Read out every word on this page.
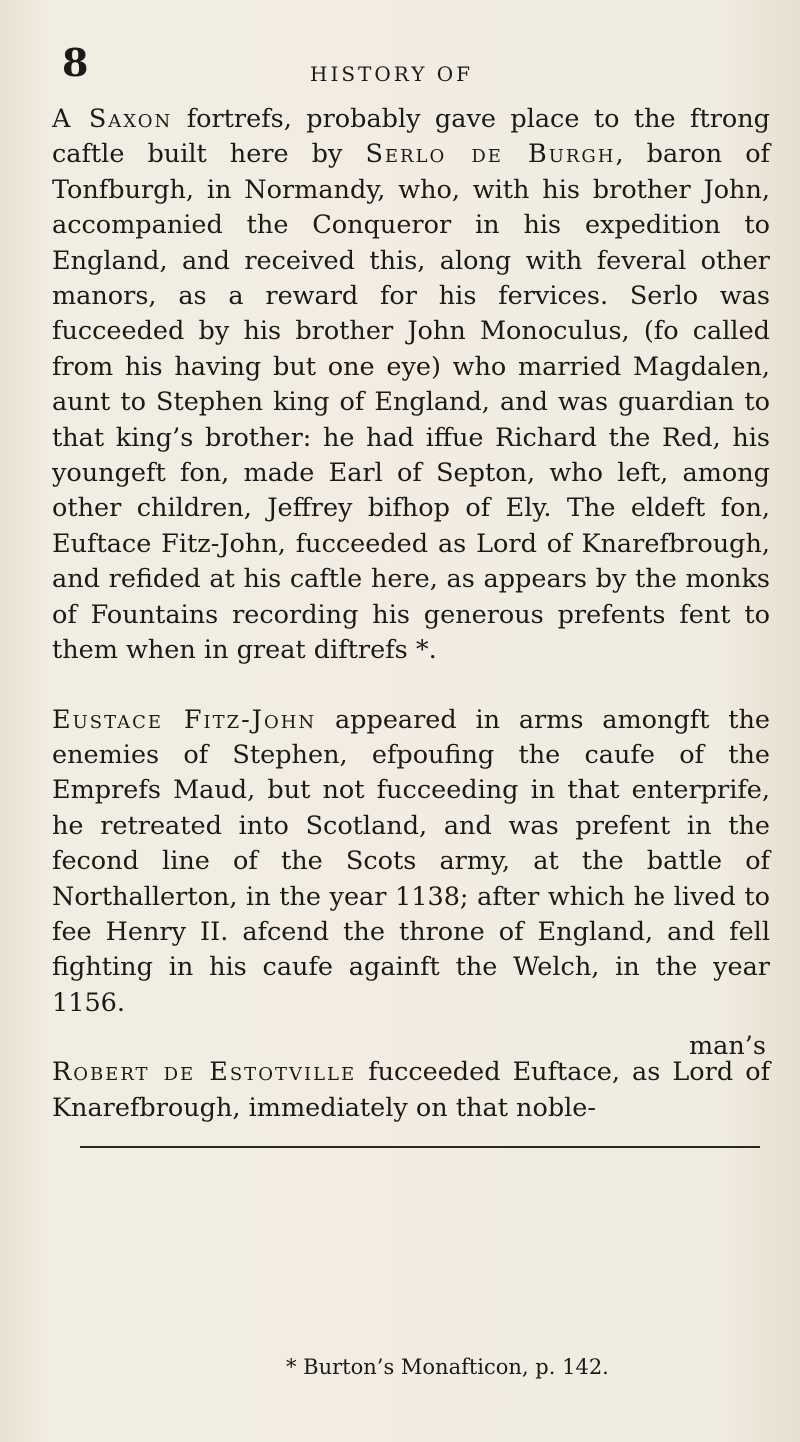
8	HISTORY OF

A Saxon fortrefs, probably gave place to the ftrong caftle built here by Serlo de Burgh, baron of Tonfburgh, in Normandy, who, with his brother John, accompanied the Conqueror in his expedition to England, and received this, along with feveral other manors, as a reward for his fervices. Serlo was fucceeded by his brother John Monoculus, (fo called from his having but one eye) who married Magdalen, aunt to Stephen king of England, and was guardian to that king’s brother: he had iffue Richard the Red, his youngeft fon, made Earl of Septon, who left, among other children, Jeffrey bifhop of Ely. The eldeft fon, Euftace Fitz-John, fucceeded as Lord of Knarefbrough, and refided at his caftle here, as appears by the monks of Fountains recording his generous prefents fent to them when in great diftrefs *.

Eustace Fitz-John appeared in arms amongft the enemies of Stephen, efpoufing the caufe of the Emprefs Maud, but not fucceeding in that enterprife, he retreated into Scotland, and was prefent in the fecond line of the Scots army, at the battle of Northallerton, in the year 1138; after which he lived to fee Henry II. afcend the throne of England, and fell fighting in his caufe againft the Welch, in the year 1156.

Robert de Estotville fucceeded Euftace, as Lord of Knarefbrough, immediately on that noble-

man’s
* Burton’s Monafticon, p. 142.
